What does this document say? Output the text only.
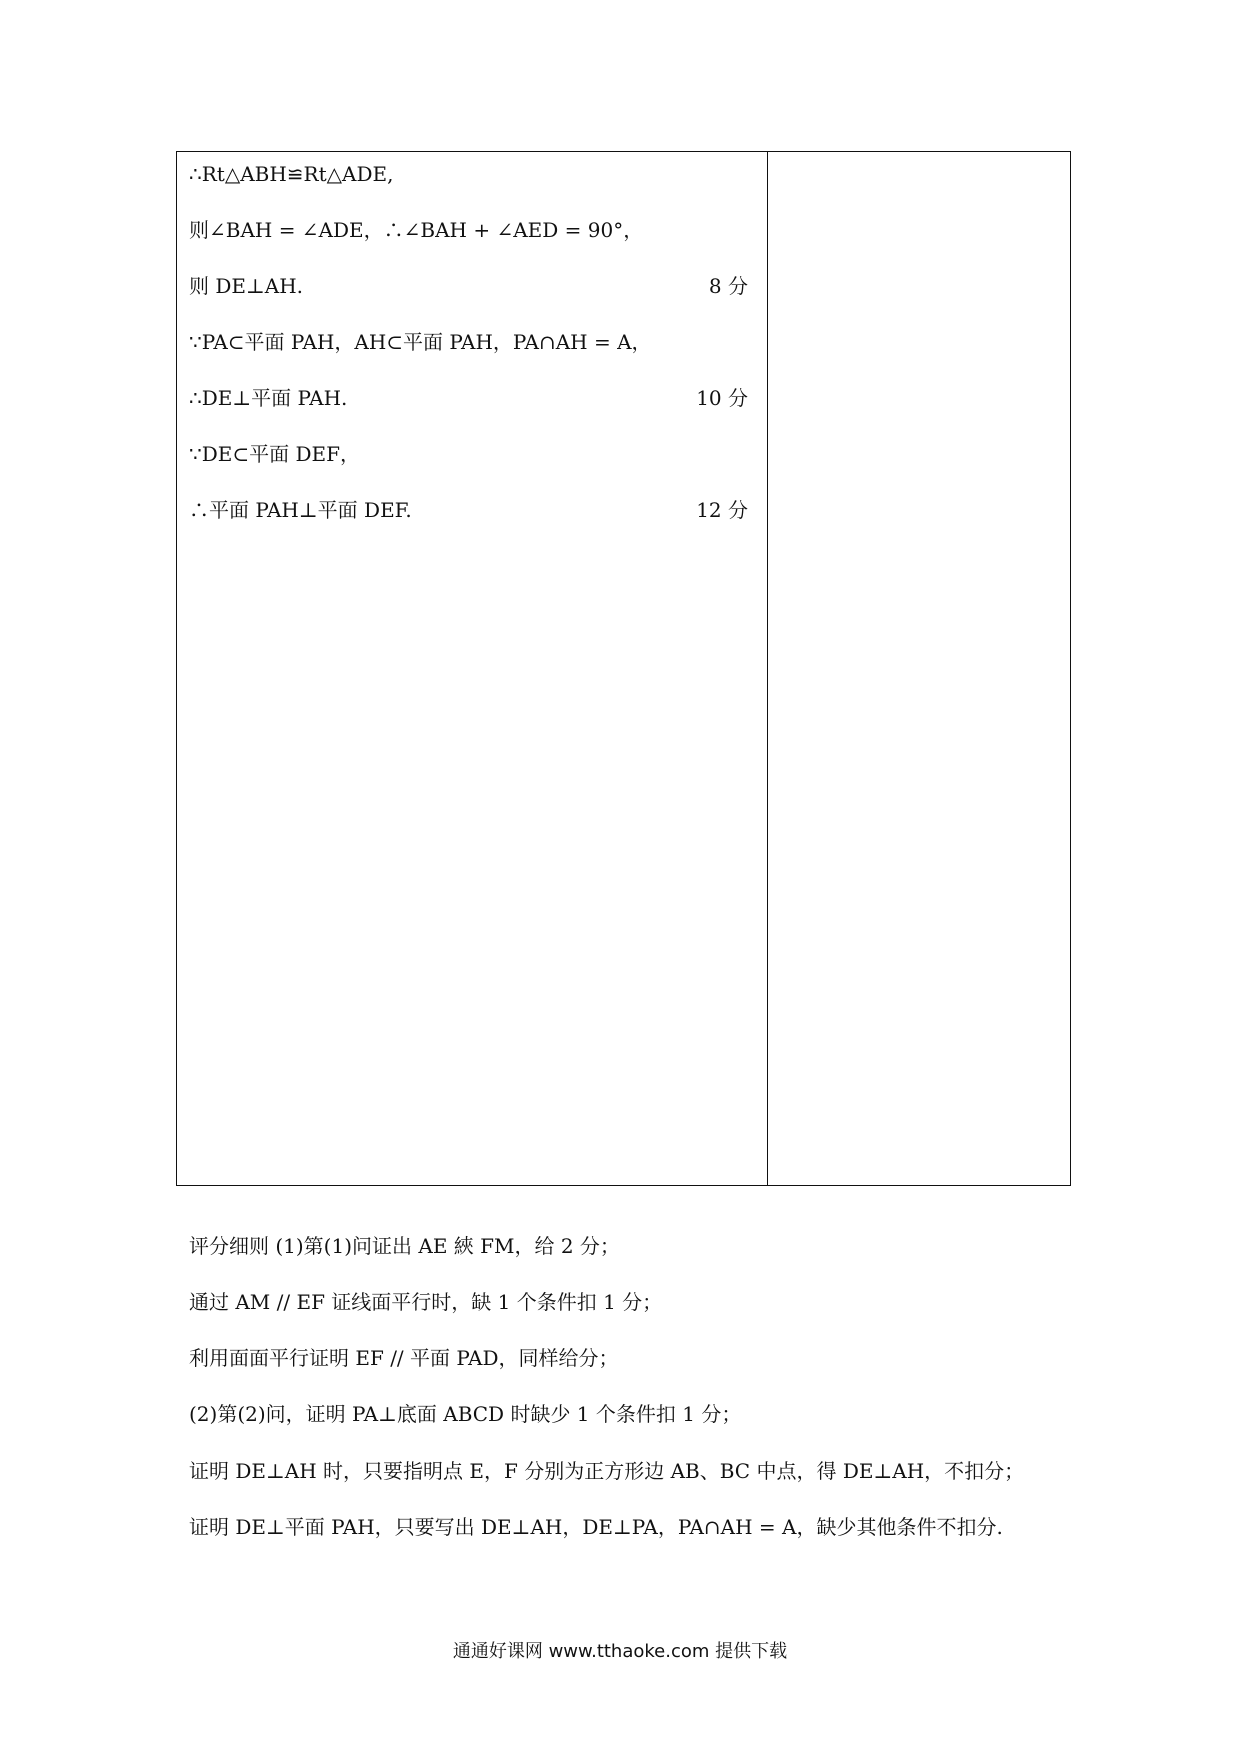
∴Rt△ABH≌Rt△ADE,
则∠BAH = ∠ADE，∴∠BAH + ∠AED = 90°，
则 DE⊥AH.	8 分
∵PA⊂平面 PAH，AH⊂平面 PAH，PA∩AH = A，
∴DE⊥平面 PAH.	10 分
∵DE⊂平面 DEF，
∴平面 PAH⊥平面 DEF.	12 分
评分细则 (1)第(1)问证出 AE 綊 FM，给 2 分；
通过 AM // EF 证线面平行时，缺 1 个条件扣 1 分；
利用面面平行证明 EF // 平面 PAD，同样给分；
(2)第(2)问，证明 PA⊥底面 ABCD 时缺少 1 个条件扣 1 分；
证明 DE⊥AH 时，只要指明点 E，F 分别为正方形边 AB、BC 中点，得 DE⊥AH，不扣分；
证明 DE⊥平面 PAH，只要写出 DE⊥AH，DE⊥PA，PA∩AH = A，缺少其他条件不扣分.
通通好课网 www.tthaoke.com 提供下载
